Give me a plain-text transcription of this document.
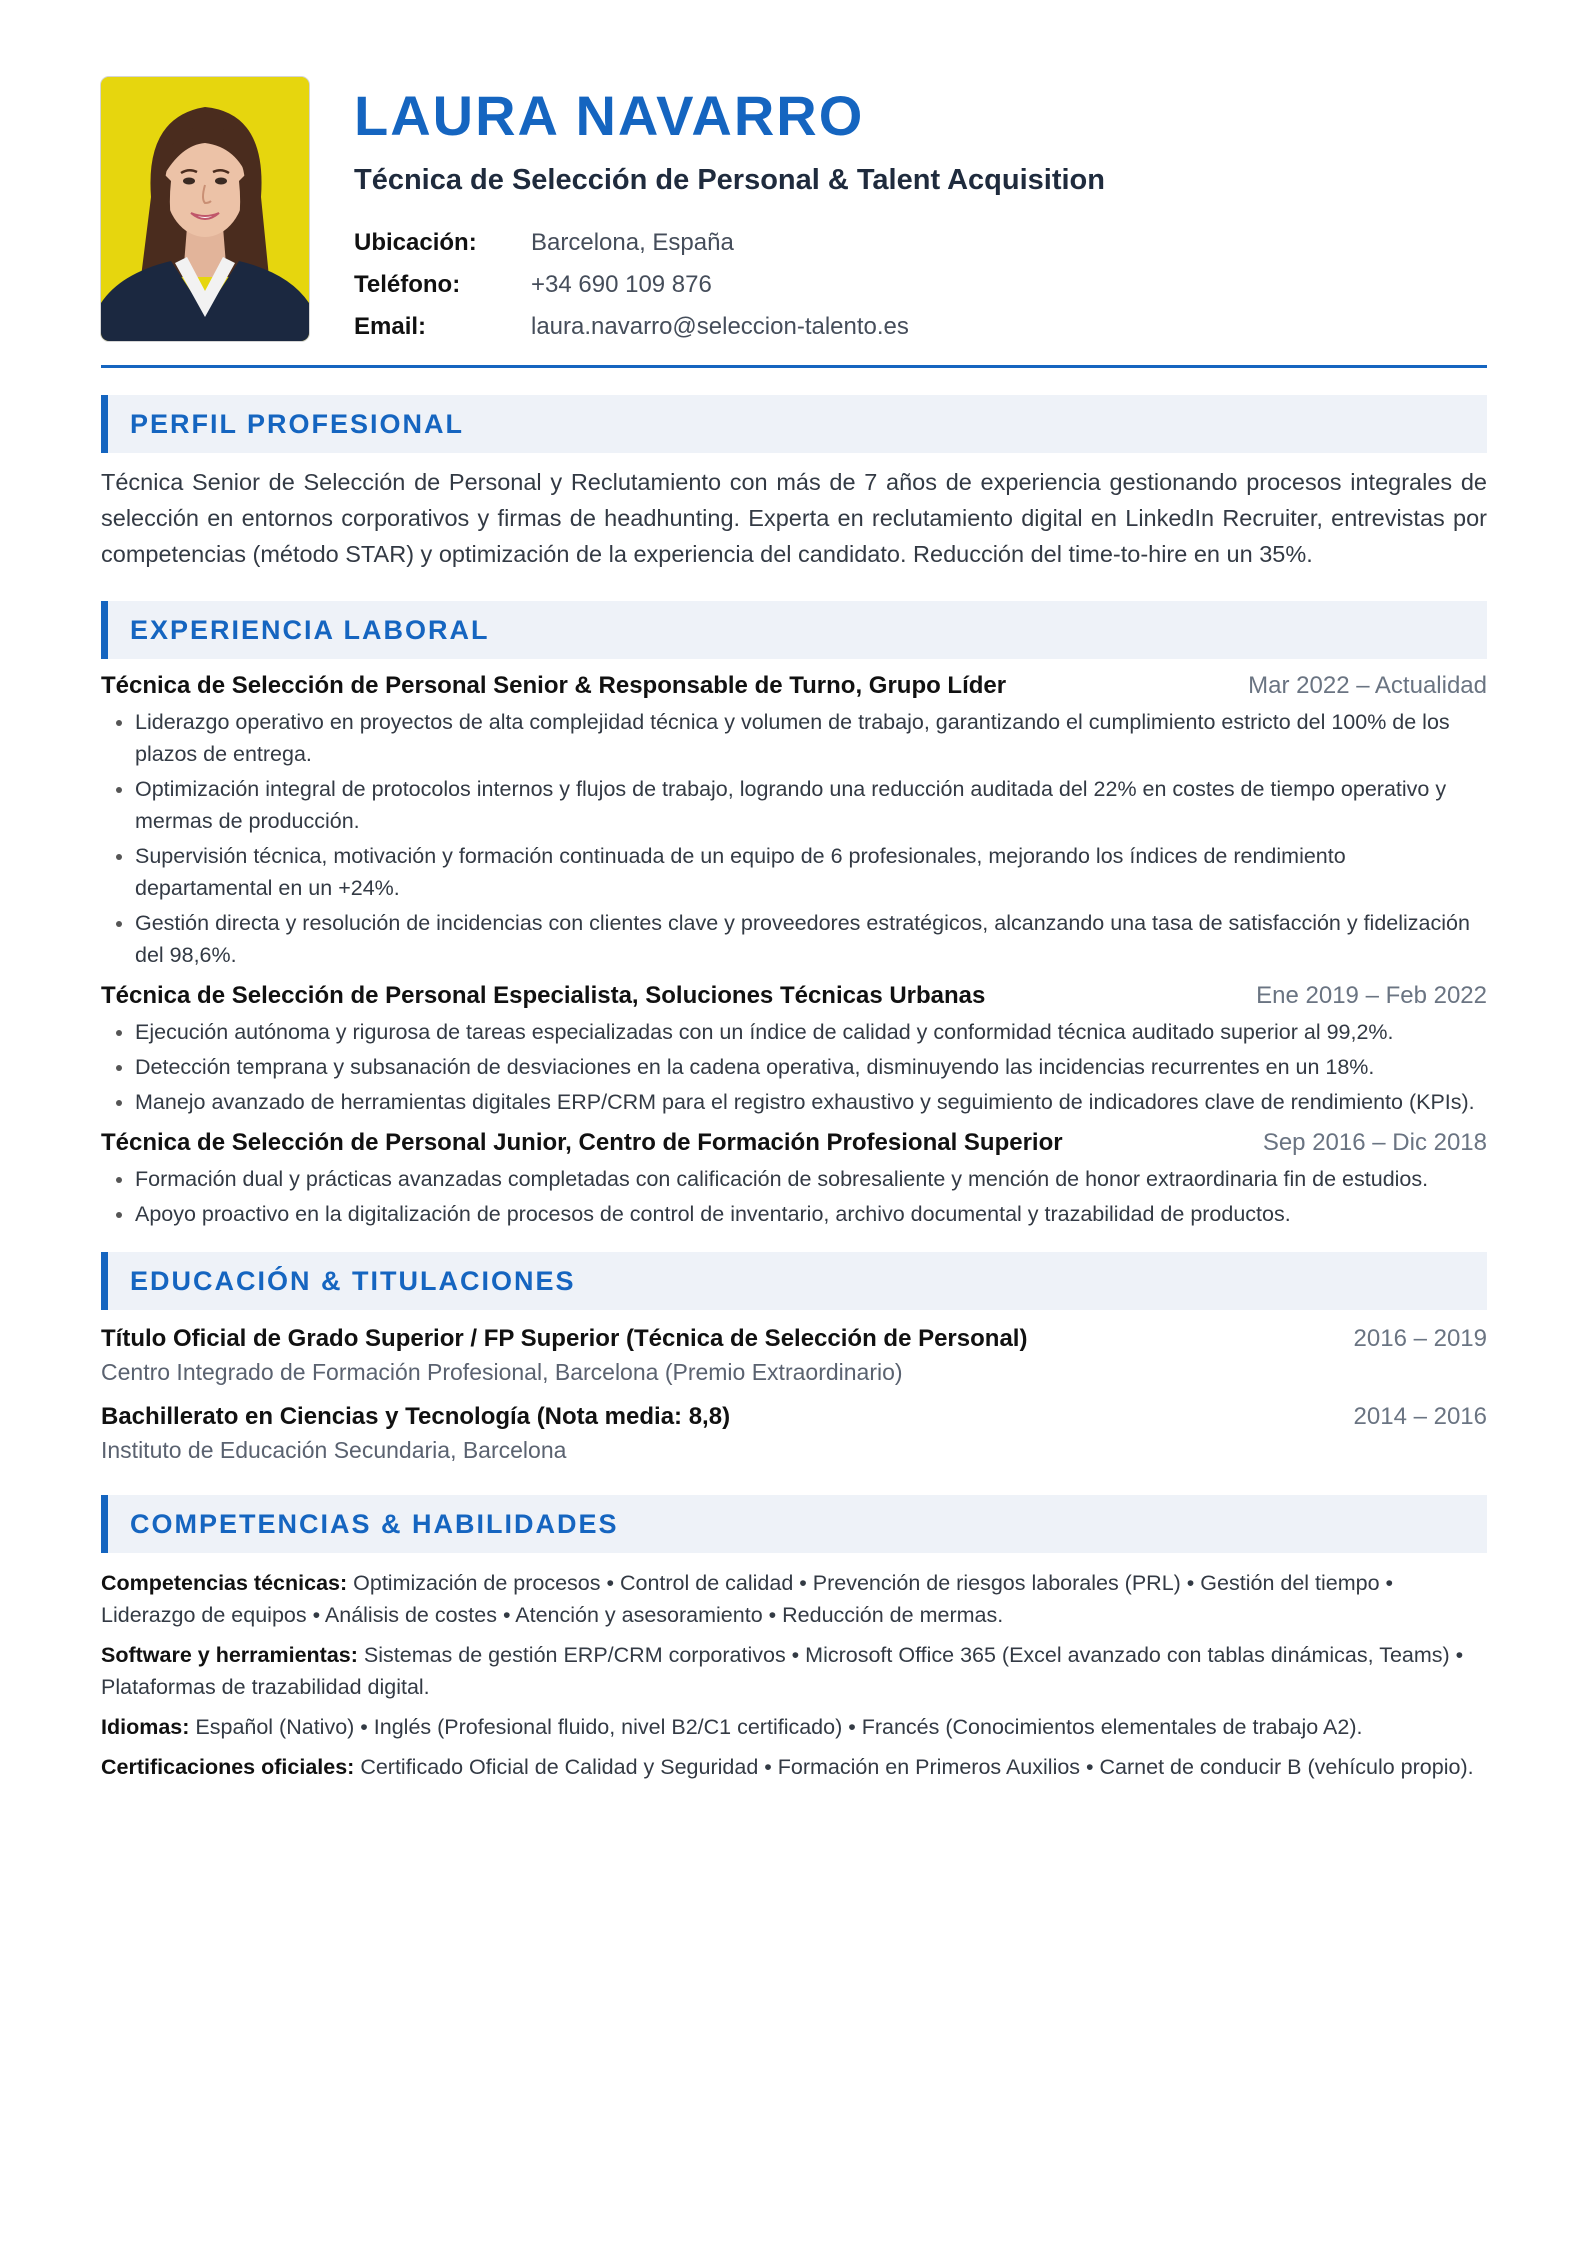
LAURA NAVARRO
Técnica de Selección de Personal & Talent Acquisition
Ubicación:	Barcelona, España
Teléfono:	+34 690 109 876
Email:	laura.navarro@seleccion-talento.es
PERFIL PROFESIONAL
Técnica Senior de Selección de Personal y Reclutamiento con más de 7 años de experiencia gestionando procesos integrales de selección en entornos corporativos y firmas de headhunting. Experta en reclutamiento digital en LinkedIn Recruiter, entrevistas por competencias (método STAR) y optimización de la experiencia del candidato. Reducción del time-to-hire en un 35%.
EXPERIENCIA LABORAL
Técnica de Selección de Personal Senior & Responsable de Turno, Grupo Líder	Mar 2022 – Actualidad
• Liderazgo operativo en proyectos de alta complejidad técnica y volumen de trabajo, garantizando el cumplimiento estricto del 100% de los plazos de entrega.
• Optimización integral de protocolos internos y flujos de trabajo, logrando una reducción auditada del 22% en costes de tiempo operativo y mermas de producción.
• Supervisión técnica, motivación y formación continuada de un equipo de 6 profesionales, mejorando los índices de rendimiento departamental en un +24%.
• Gestión directa y resolución de incidencias con clientes clave y proveedores estratégicos, alcanzando una tasa de satisfacción y fidelización del 98,6%.
Técnica de Selección de Personal Especialista, Soluciones Técnicas Urbanas	Ene 2019 – Feb 2022
• Ejecución autónoma y rigurosa de tareas especializadas con un índice de calidad y conformidad técnica auditado superior al 99,2%.
• Detección temprana y subsanación de desviaciones en la cadena operativa, disminuyendo las incidencias recurrentes en un 18%.
• Manejo avanzado de herramientas digitales ERP/CRM para el registro exhaustivo y seguimiento de indicadores clave de rendimiento (KPIs).
Técnica de Selección de Personal Junior, Centro de Formación Profesional Superior	Sep 2016 – Dic 2018
• Formación dual y prácticas avanzadas completadas con calificación de sobresaliente y mención de honor extraordinaria fin de estudios.
• Apoyo proactivo en la digitalización de procesos de control de inventario, archivo documental y trazabilidad de productos.
EDUCACIÓN & TITULACIONES
Título Oficial de Grado Superior / FP Superior (Técnica de Selección de Personal)	2016 – 2019
Centro Integrado de Formación Profesional, Barcelona (Premio Extraordinario)
Bachillerato en Ciencias y Tecnología (Nota media: 8,8)	2014 – 2016
Instituto de Educación Secundaria, Barcelona
COMPETENCIAS & HABILIDADES
Competencias técnicas: Optimización de procesos • Control de calidad • Prevención de riesgos laborales (PRL) • Gestión del tiempo • Liderazgo de equipos • Análisis de costes • Atención y asesoramiento • Reducción de mermas.
Software y herramientas: Sistemas de gestión ERP/CRM corporativos • Microsoft Office 365 (Excel avanzado con tablas dinámicas, Teams) • Plataformas de trazabilidad digital.
Idiomas: Español (Nativo) • Inglés (Profesional fluido, nivel B2/C1 certificado) • Francés (Conocimientos elementales de trabajo A2).
Certificaciones oficiales: Certificado Oficial de Calidad y Seguridad • Formación en Primeros Auxilios • Carnet de conducir B (vehículo propio).
